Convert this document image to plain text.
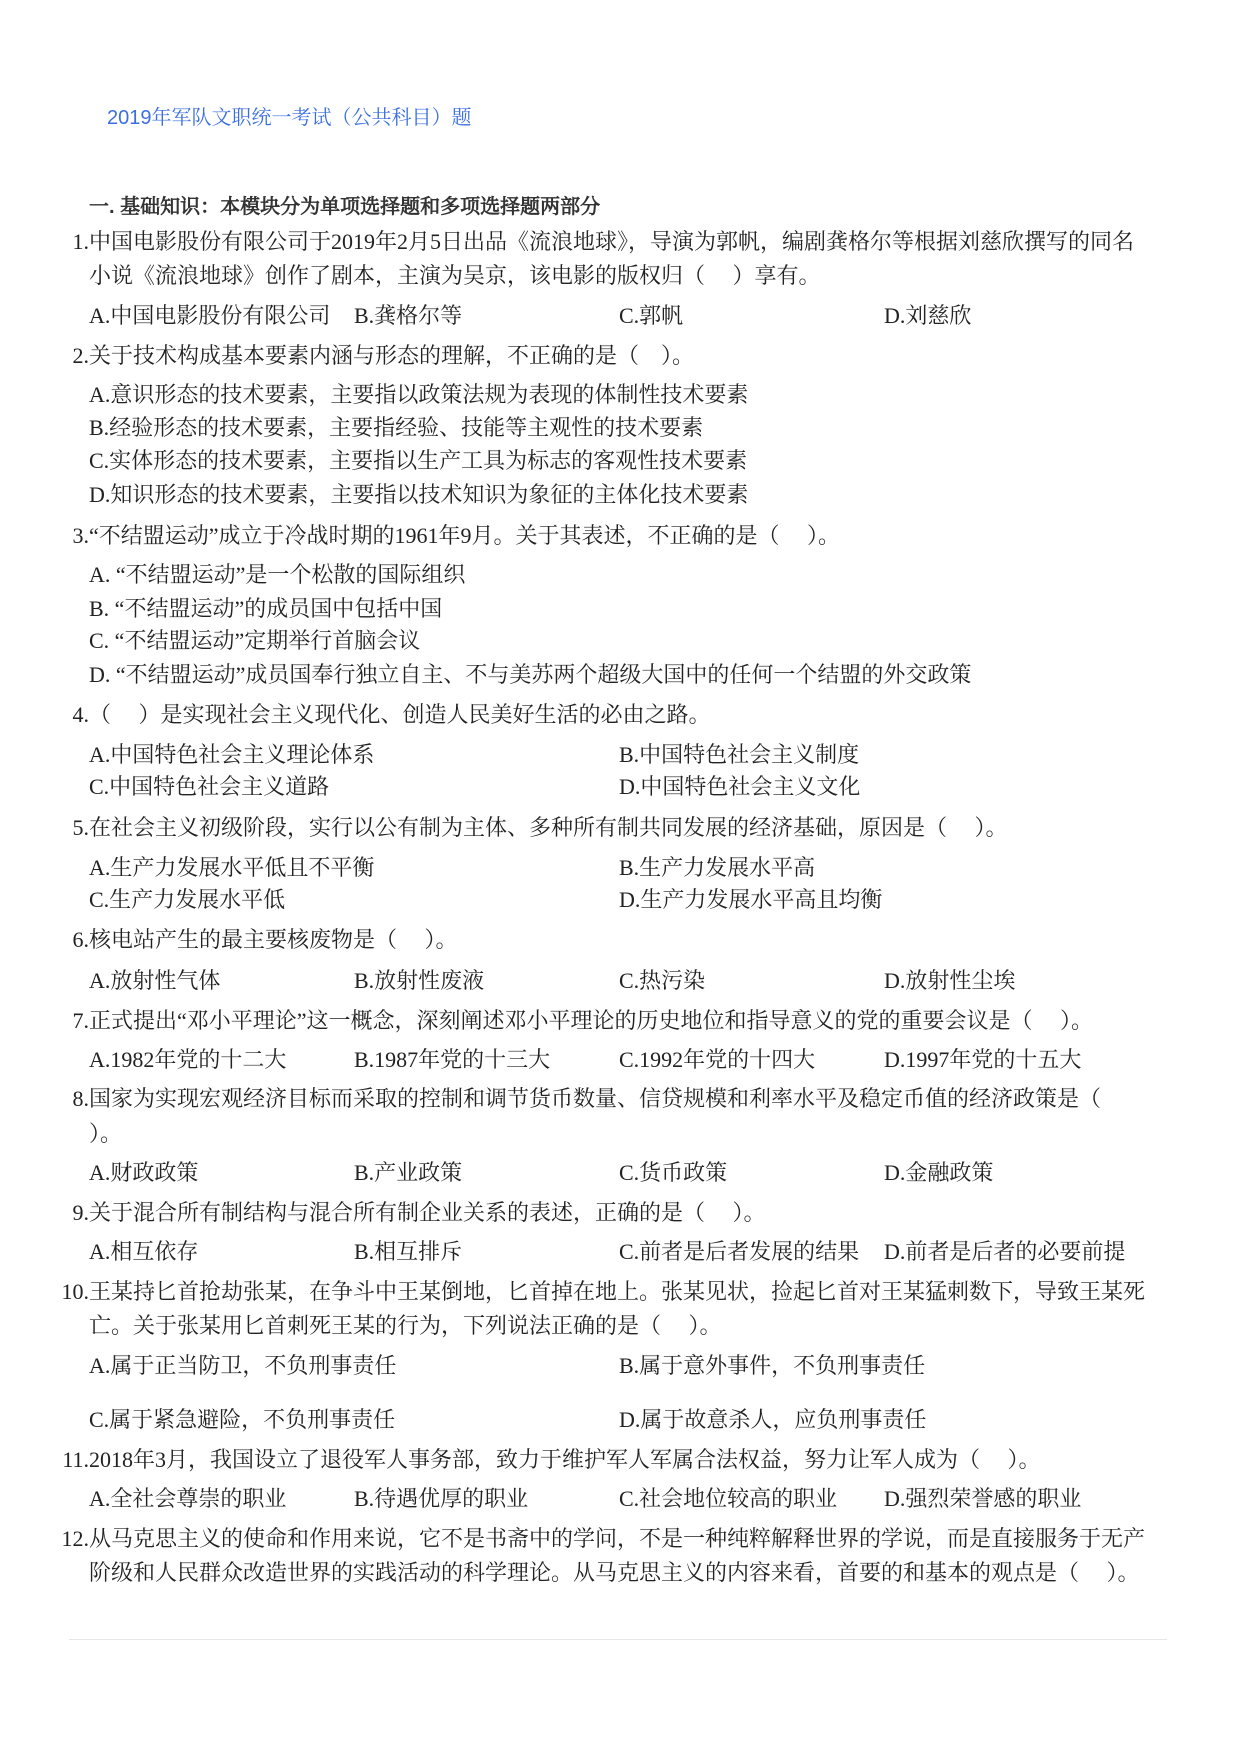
2019年军队文职统一考试（公共科目）题
一. 基础知识：本模块分为单项选择题和多项选择题两部分
1. 中国电影股份有限公司于2019年2月5日出品《流浪地球》，导演为郭帆，编剧龚格尔等根据刘慈欣撰写的同名
小说《流浪地球》创作了剧本，主演为吴京，该电影的版权归（　 ）享有。
A.中国电影股份有限公司 B.龚格尔等	C.郭帆	D.刘慈欣
2. 关于技术构成基本要素内涵与形态的理解，不正确的是（　）。
A.意识形态的技术要素，主要指以政策法规为表现的体制性技术要素
B.经验形态的技术要素，主要指经验、技能等主观性的技术要素
C.实体形态的技术要素，主要指以生产工具为标志的客观性技术要素
D.知识形态的技术要素，主要指以技术知识为象征的主体化技术要素
3. “不结盟运动”成立于冷战时期的1961年9月。关于其表述，不正确的是（　 ）。
A. “不结盟运动”是一个松散的国际组织
B. “不结盟运动”的成员国中包括中国
C. “不结盟运动”定期举行首脑会议
D. “不结盟运动”成员国奉行独立自主、不与美苏两个超级大国中的任何一个结盟的外交政策
4. （　 ）是实现社会主义现代化、创造人民美好生活的必由之路。
A.中国特色社会主义理论体系	B.中国特色社会主义制度
C.中国特色社会主义道路	D.中国特色社会主义文化
5. 在社会主义初级阶段，实行以公有制为主体、多种所有制共同发展的经济基础，原因是（　 ）。
A.生产力发展水平低且不平衡	B.生产力发展水平高
C.生产力发展水平低	D.生产力发展水平高且均衡
6. 核电站产生的最主要核废物是（　 ）。
A.放射性气体	B.放射性废液	C.热污染	D.放射性尘埃
7. 正式提出“邓小平理论”这一概念，深刻阐述邓小平理论的历史地位和指导意义的党的重要会议是（　 ）。
A.1982年党的十二大	B.1987年党的十三大	C.1992年党的十四大	D.1997年党的十五大
8. 国家为实现宏观经济目标而采取的控制和调节货币数量、信贷规模和利率水平及稳定币值的经济政策是（
）。
A.财政政策	B.产业政策	C.货币政策	D.金融政策
9. 关于混合所有制结构与混合所有制企业关系的表述，正确的是（　 ）。
A.相互依存	B.相互排斥	C.前者是后者发展的结果 D.前者是后者的必要前提
10. 王某持匕首抢劫张某，在争斗中王某倒地，匕首掉在地上。张某见状，捡起匕首对王某猛刺数下，导致王某死
亡。关于张某用匕首刺死王某的行为，下列说法正确的是（　 ）。
A.属于正当防卫，不负刑事责任	B.属于意外事件，不负刑事责任
C.属于紧急避险，不负刑事责任	D.属于故意杀人，应负刑事责任
11. 2018年3月，我国设立了退役军人事务部，致力于维护军人军属合法权益，努力让军人成为（　 ）。
A.全社会尊崇的职业	B.待遇优厚的职业	C.社会地位较高的职业 D.强烈荣誉感的职业
12. 从马克思主义的使命和作用来说，它不是书斋中的学问，不是一种纯粹解释世界的学说，而是直接服务于无产
阶级和人民群众改造世界的实践活动的科学理论。从马克思主义的内容来看，首要的和基本的观点是（　 ）。
